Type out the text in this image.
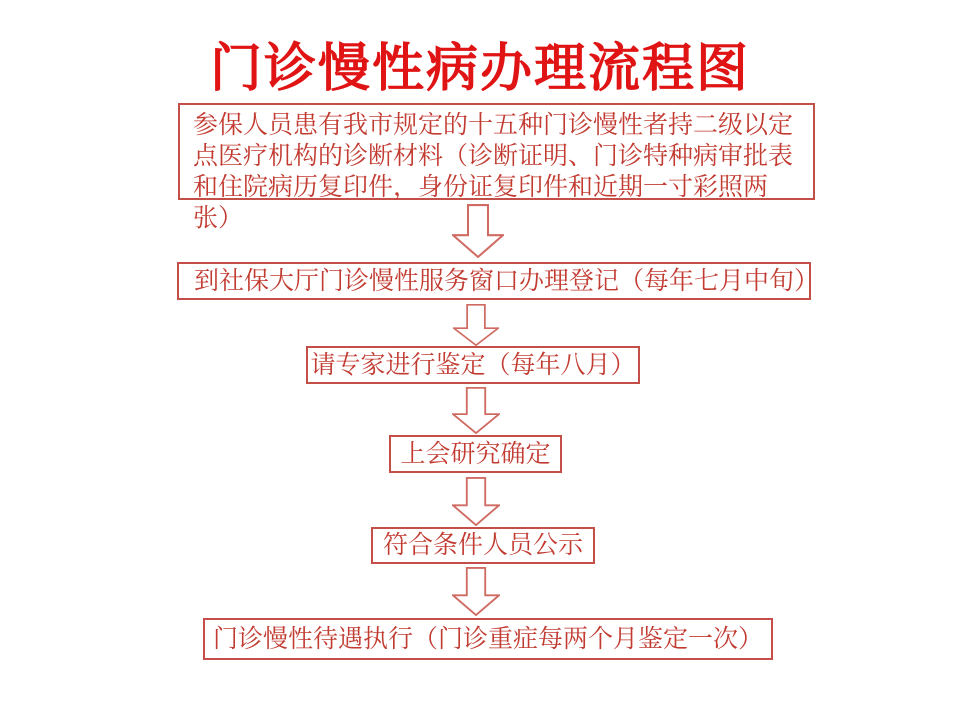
门诊慢性病办理流程图
参保人员患有我市规定的十五种门诊慢性者持二级以定点医疗机构的诊断材料（诊断证明、门诊特种病审批表和住院病历复印件，身份证复印件和近期一寸彩照两张）
到社保大厅门诊慢性服务窗口办理登记（每年七月中旬）
请专家进行鉴定（每年八月）
上会研究确定
符合条件人员公示
门诊慢性待遇执行（门诊重症每两个月鉴定一次）
